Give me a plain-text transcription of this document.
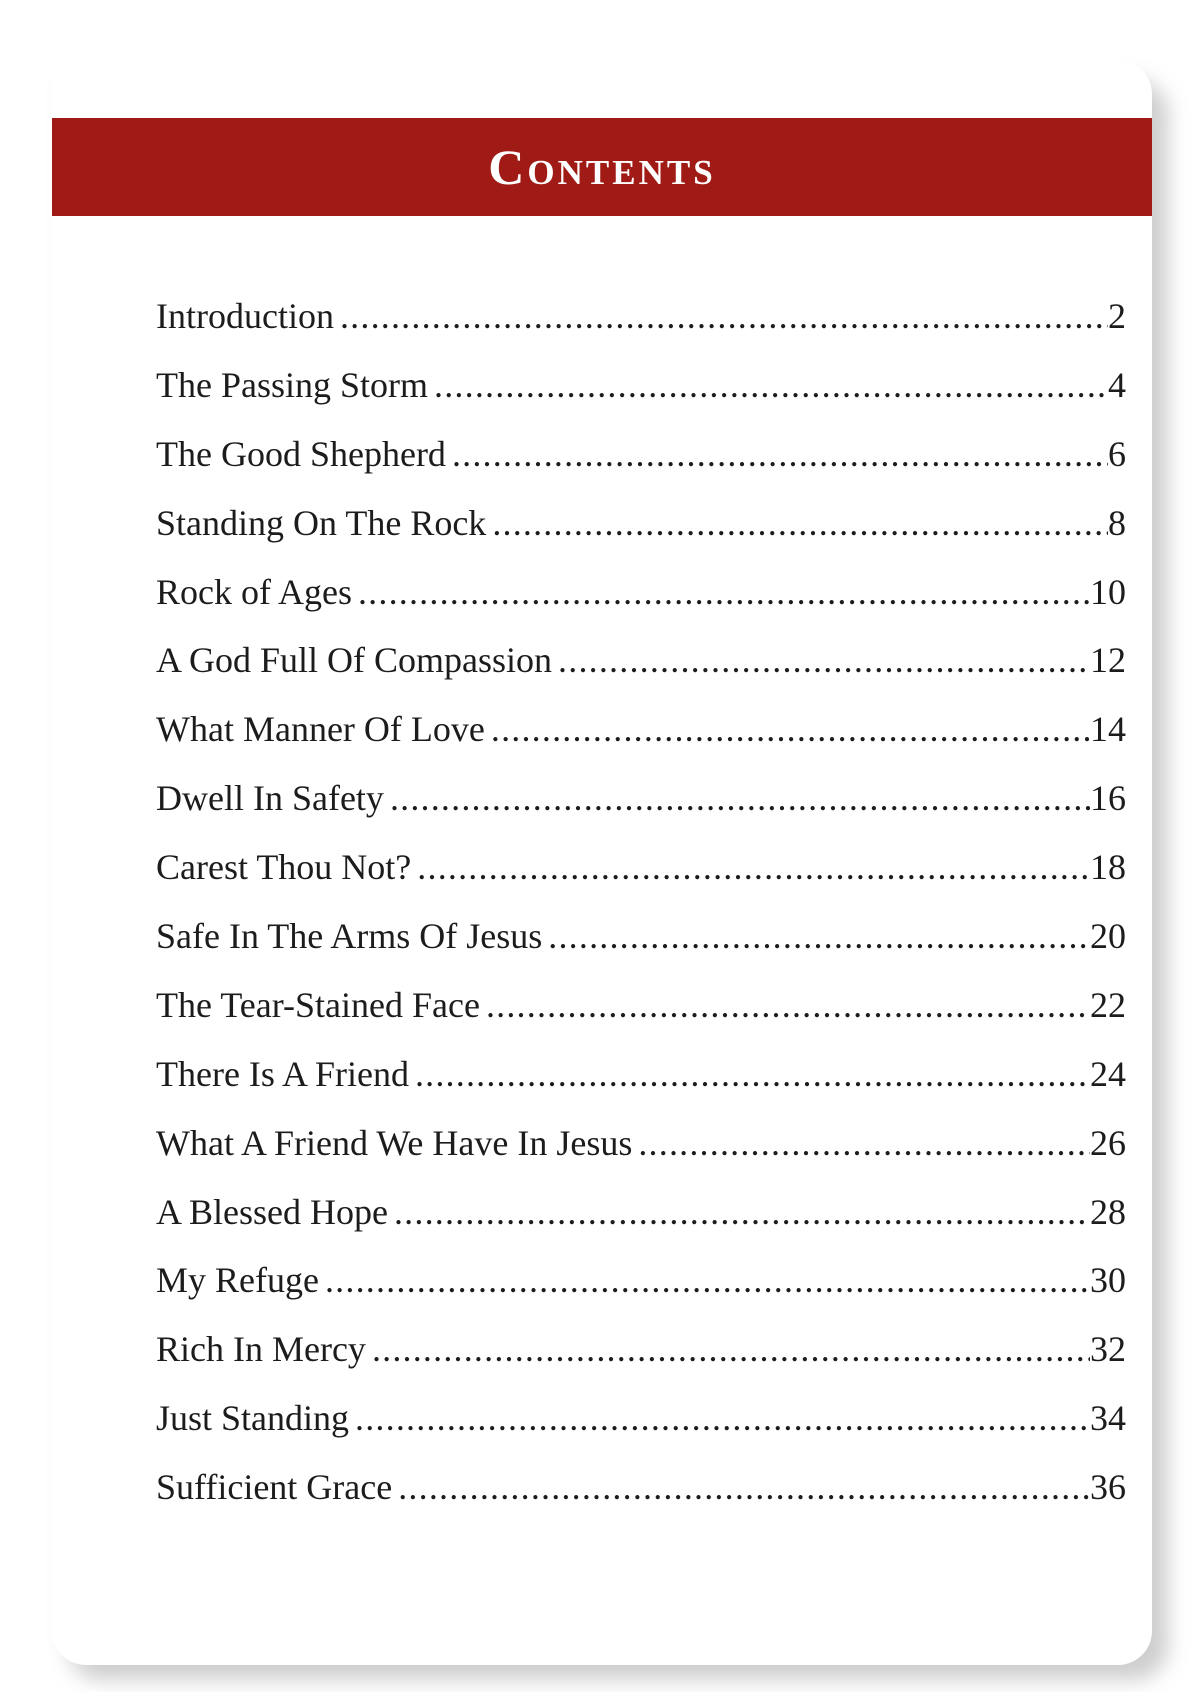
Contents
Introduction .....	2
The Passing Storm .....	4
The Good Shepherd .....	6
Standing On The Rock .....	8
Rock of Ages .....	10
A God Full Of Compassion .....	12
What Manner Of Love .....	14
Dwell In Safety .....	16
Carest Thou Not? .....	18
Safe In The Arms Of Jesus .....	20
The Tear-Stained Face .....	22
There Is A Friend .....	24
What A Friend We Have In Jesus .....	26
A Blessed Hope .....	28
My Refuge .....	30
Rich In Mercy .....	32
Just Standing .....	34
Sufficient Grace .....	36
